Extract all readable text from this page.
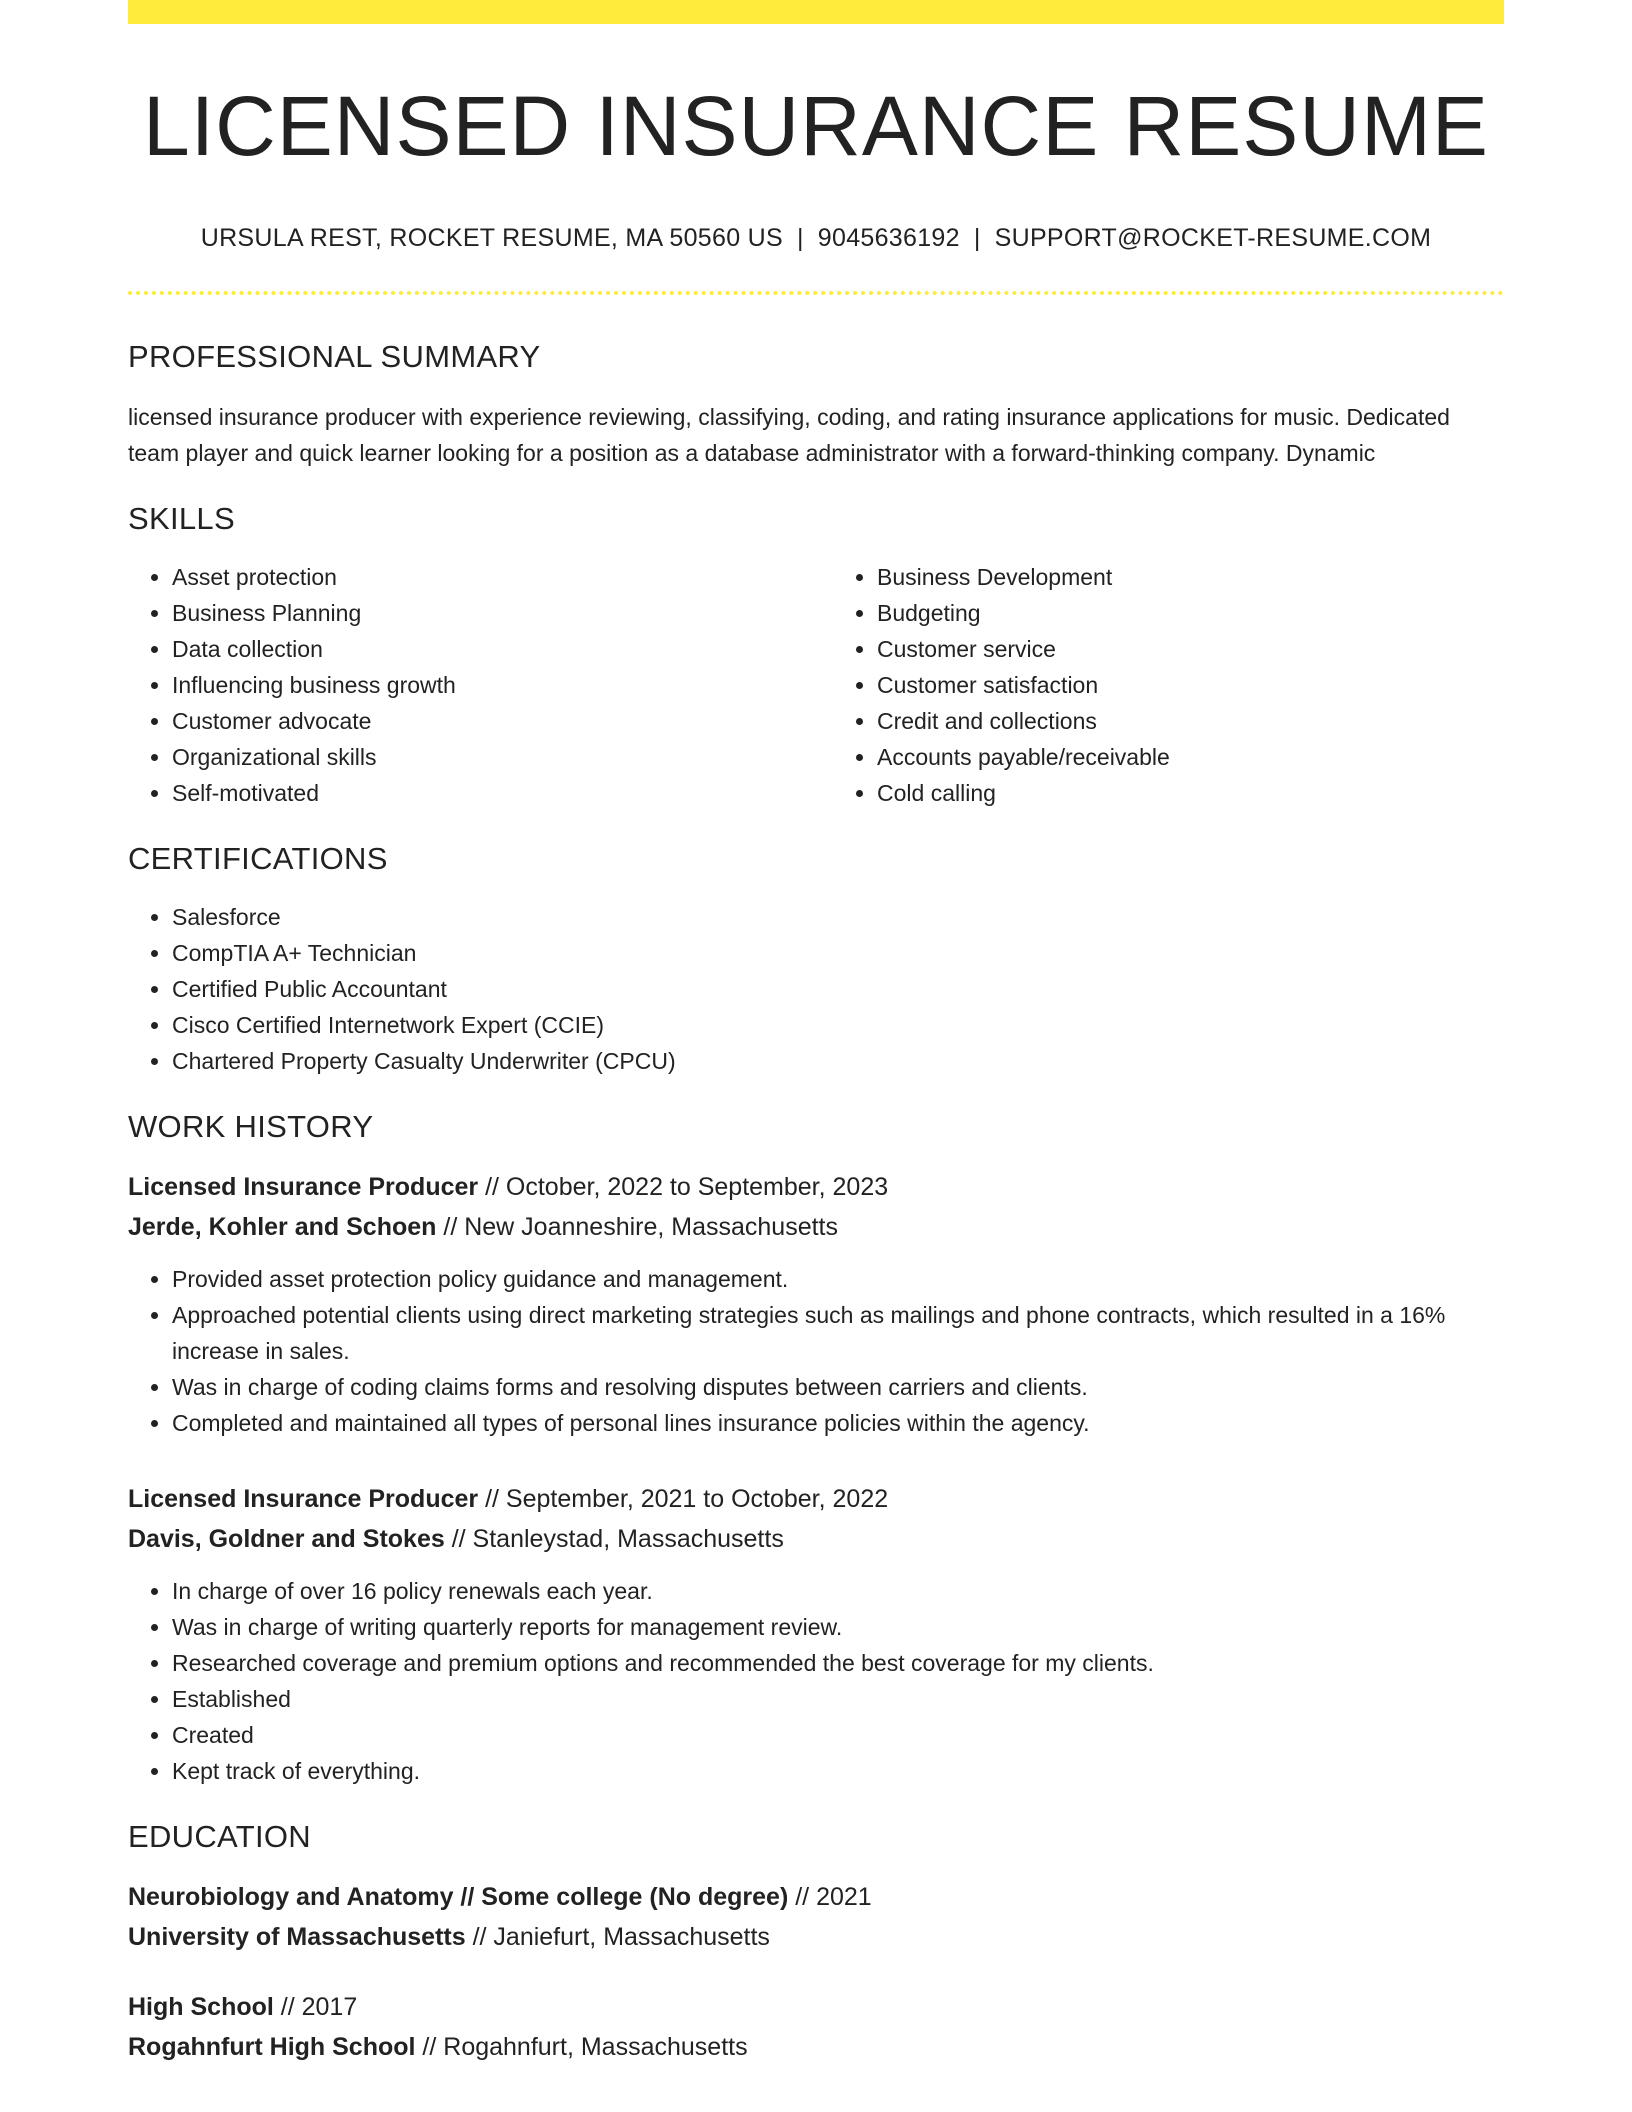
LICENSED INSURANCE RESUME
URSULA REST, ROCKET RESUME, MA 50560 US | 9045636192 | SUPPORT@ROCKET-RESUME.COM
PROFESSIONAL SUMMARY
licensed insurance producer with experience reviewing, classifying, coding, and rating insurance applications for music. Dedicated team player and quick learner looking for a position as a database administrator with a forward-thinking company. Dynamic
SKILLS
• Asset protection
• Business Planning
• Data collection
• Influencing business growth
• Customer advocate
• Organizational skills
• Self-motivated
• Business Development
• Budgeting
• Customer service
• Customer satisfaction
• Credit and collections
• Accounts payable/receivable
• Cold calling
CERTIFICATIONS
• Salesforce
• CompTIA A+ Technician
• Certified Public Accountant
• Cisco Certified Internetwork Expert (CCIE)
• Chartered Property Casualty Underwriter (CPCU)
WORK HISTORY
Licensed Insurance Producer // October, 2022 to September, 2023
Jerde, Kohler and Schoen // New Joanneshire, Massachusetts
• Provided asset protection policy guidance and management.
• Approached potential clients using direct marketing strategies such as mailings and phone contracts, which resulted in a 16% increase in sales.
• Was in charge of coding claims forms and resolving disputes between carriers and clients.
• Completed and maintained all types of personal lines insurance policies within the agency.
Licensed Insurance Producer // September, 2021 to October, 2022
Davis, Goldner and Stokes // Stanleystad, Massachusetts
• In charge of over 16 policy renewals each year.
• Was in charge of writing quarterly reports for management review.
• Researched coverage and premium options and recommended the best coverage for my clients.
• Established
• Created
• Kept track of everything.
EDUCATION
Neurobiology and Anatomy // Some college (No degree) // 2021
University of Massachusetts // Janiefurt, Massachusetts
High School // 2017
Rogahnfurt High School // Rogahnfurt, Massachusetts
